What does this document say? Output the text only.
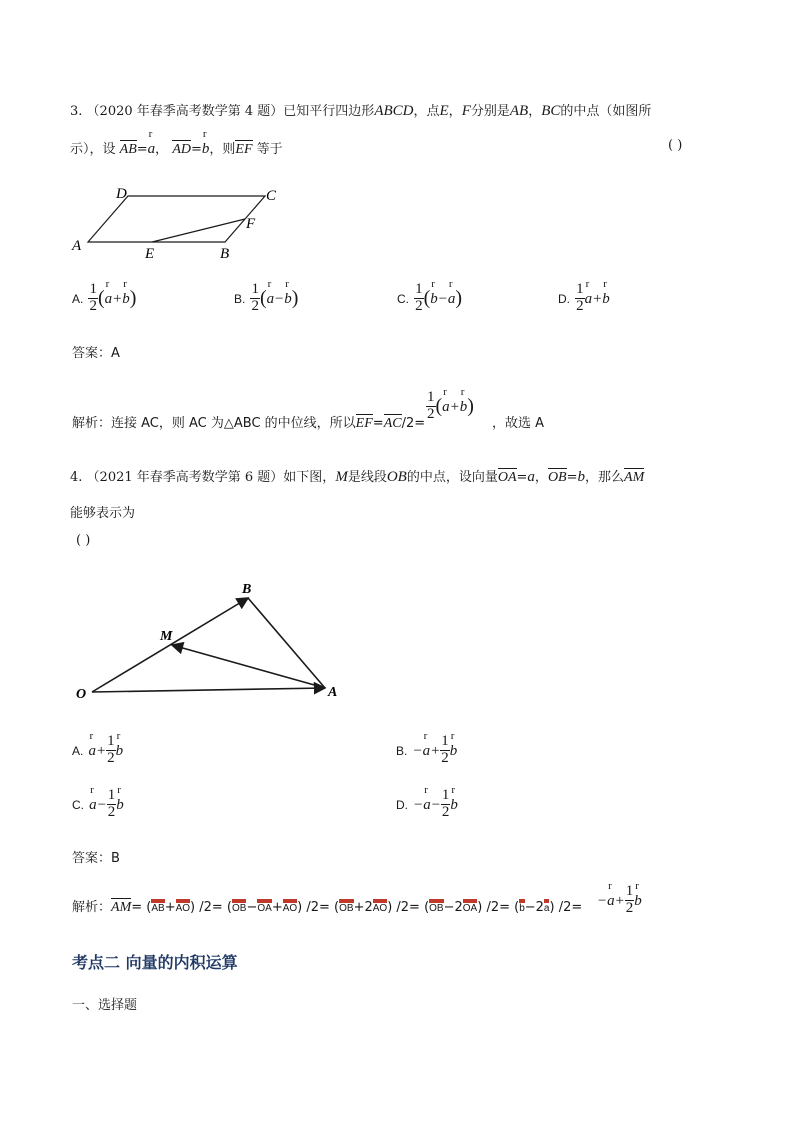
3. （2020 年春季高考数学第 4 题）已知平行四边形ABCD，点E，F分别是AB，BC的中点（如图所
示），设 AB=r a， AD=r b，则EF 等于	( )
A	B
C
D
E
F
A. $\frac{1}{2} (r$ a+r b)	B. $\frac{1}{2} (r$ a−r b)	C. $\frac{1}{2} (r$ b−r a)	D. $\frac{1}{2}$ r a+r b
答案：A
解析：连接 AC，则 AC 为△ABC 的中位线，所以EF=AC/2=
$\frac{1}{2} (r$ a+r b)
，故选 A
4. （2021 年春季高考数学第 6 题）如下图，M是线段OB的中点，设向量OA=a，OB=b，那么AM
能够表示为
( )
O	A
B
M
A. r $a+ \frac{1}{2}$ r b	B. −r $a+ \frac{1}{2}$ r b
C. r $a- \frac{1}{2}$ r b	D. −r $a- \frac{1}{2}$ r b
答案：B
解析：AM= (AB+AO) /2= (OB−OA+AO) /2= (OB+2AO) /2= (OB−2OA) /2= (b−2a) /2= −r $a+ \frac{1}{2}$ r b
考点二 向量的内积运算
一、选择题
